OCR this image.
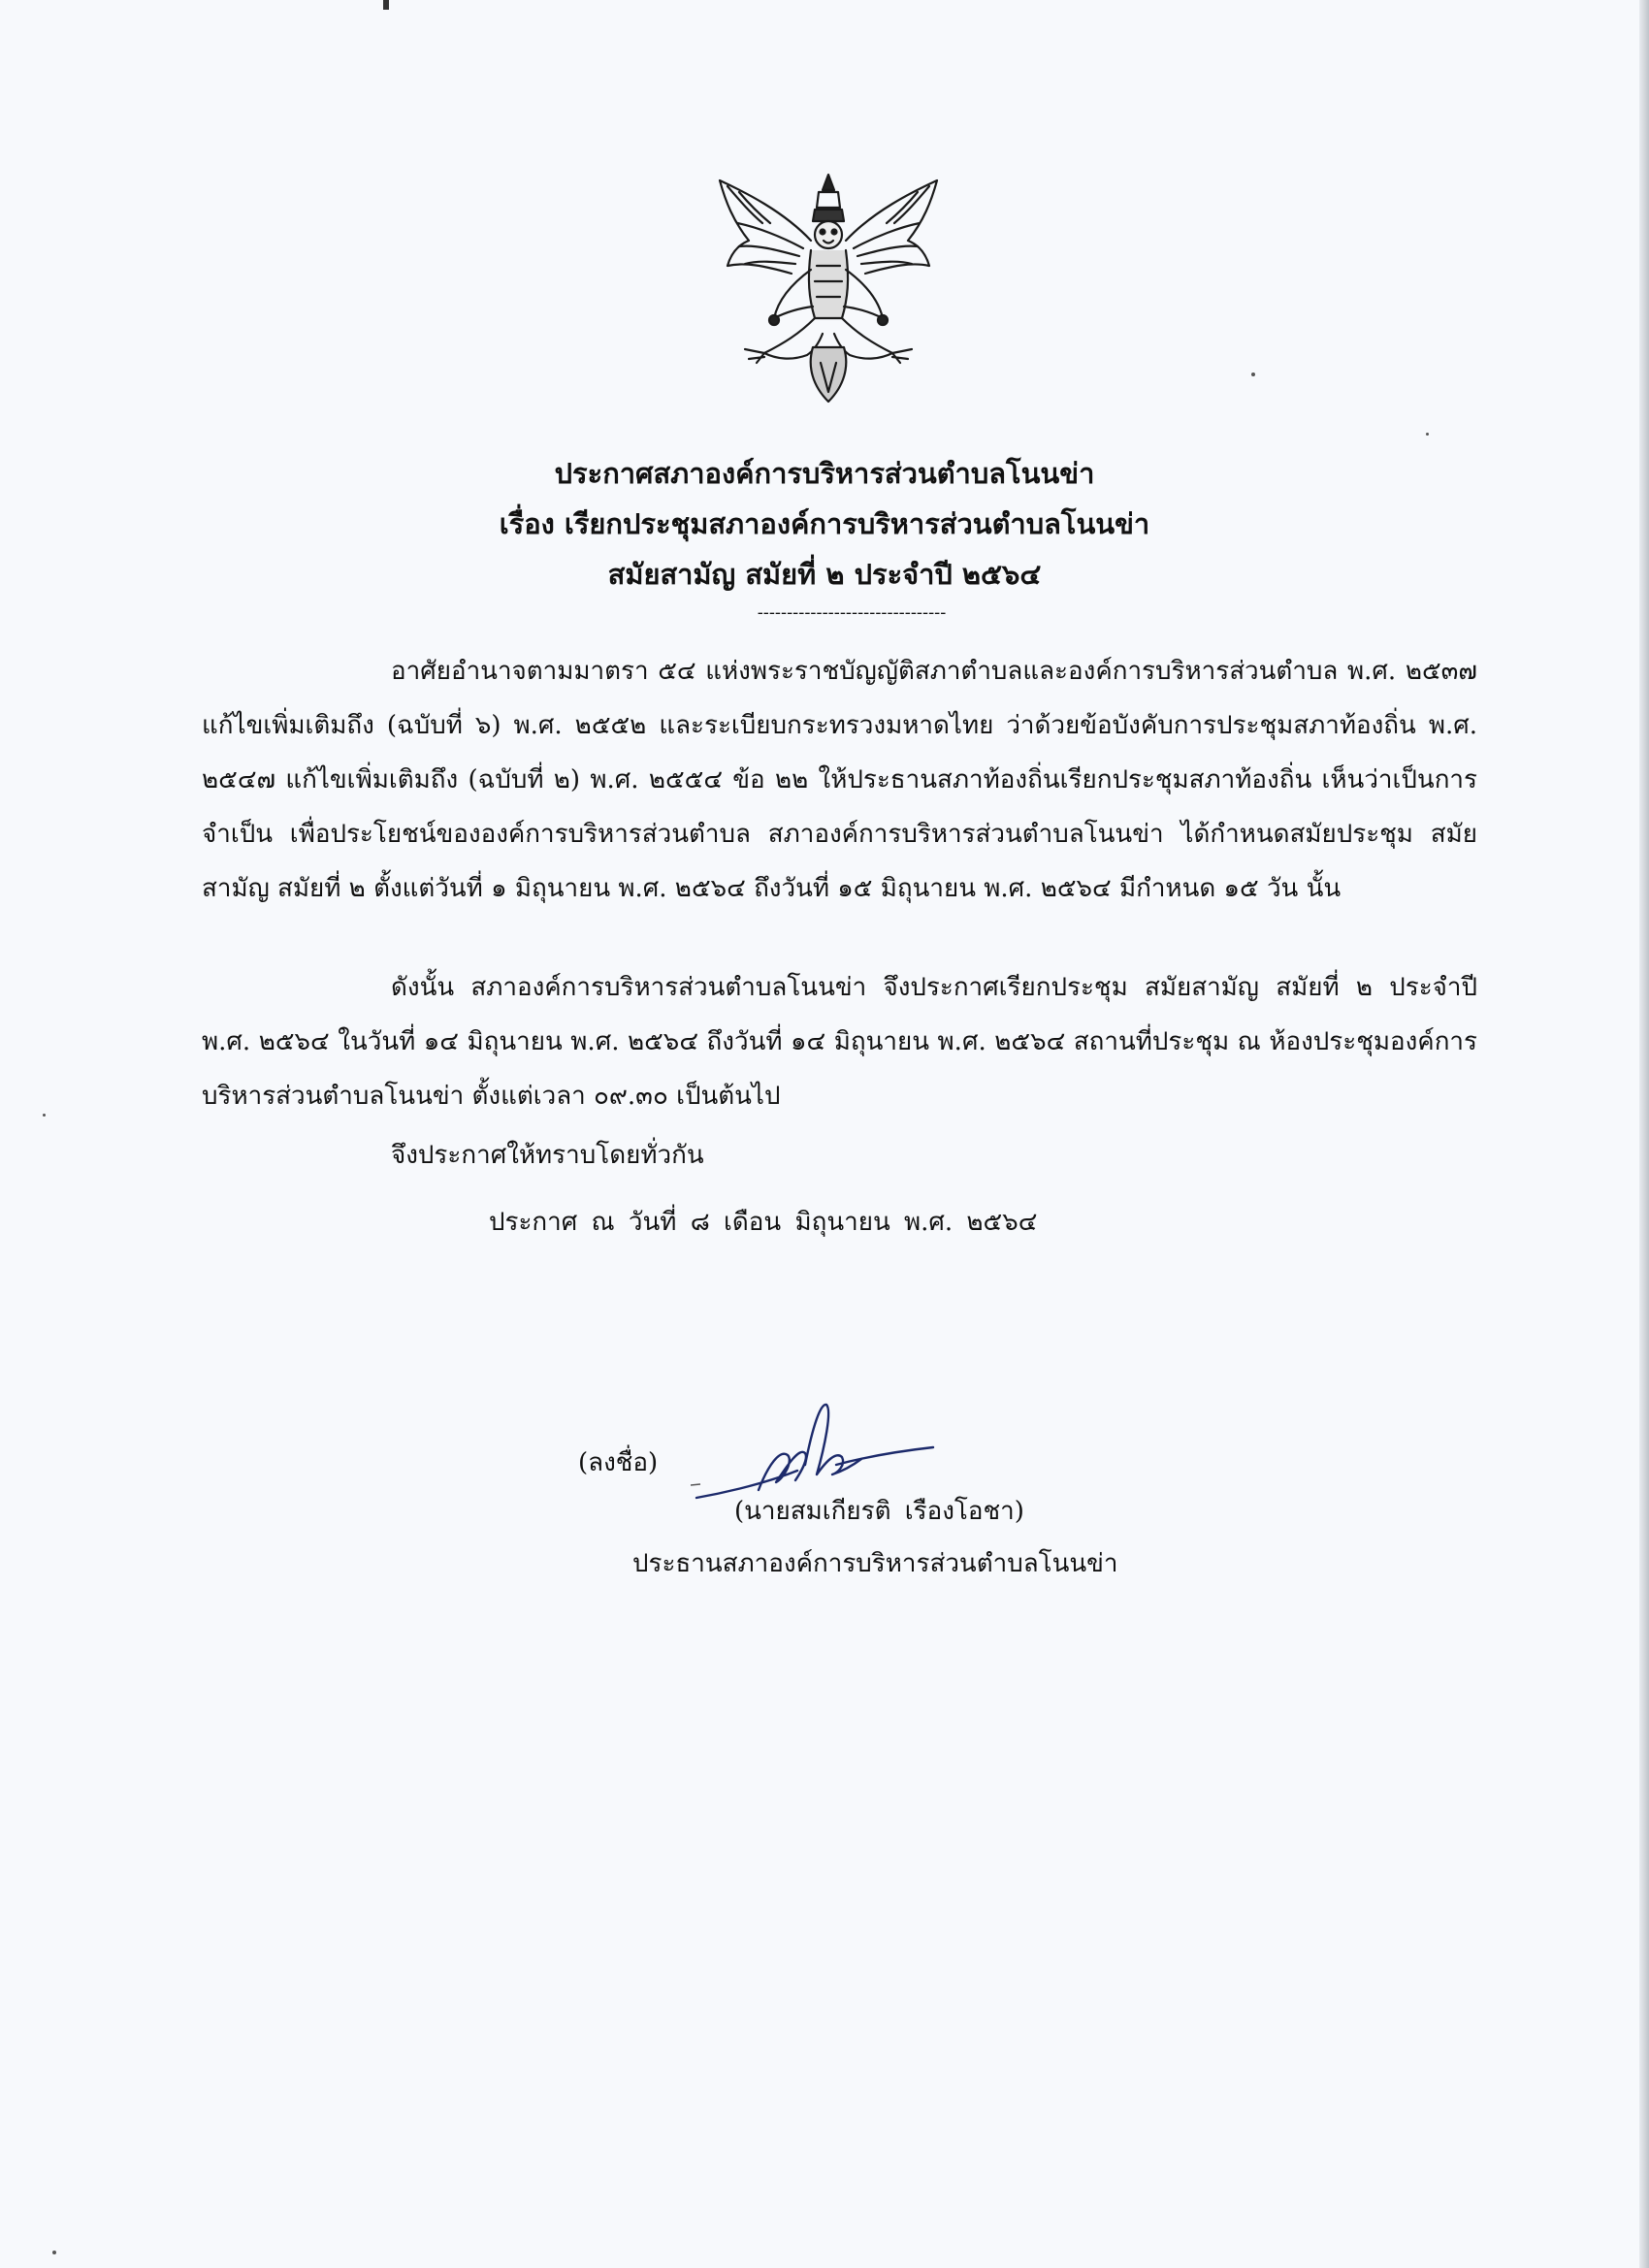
ประกาศสภาองค์การบริหารส่วนตำบลโนนข่า
เรื่อง เรียกประชุมสภาองค์การบริหารส่วนตำบลโนนข่า
สมัยสามัญ สมัยที่ ๒ ประจำปี ๒๕๖๔
--------------------------------
อาศัยอำนาจตามมาตรา ๕๔ แห่งพระราชบัญญัติสภาตำบลและองค์การบริหารส่วนตำบล พ.ศ. ๒๕๓๗ แก้ไขเพิ่มเติมถึง (ฉบับที่ ๖) พ.ศ. ๒๕๕๒ และระเบียบกระทรวงมหาดไทย ว่าด้วยข้อบังคับการประชุมสภาท้องถิ่น พ.ศ. ๒๕๔๗ แก้ไขเพิ่มเติมถึง (ฉบับที่ ๒) พ.ศ. ๒๕๕๔ ข้อ ๒๒ ให้ประธานสภาท้องถิ่นเรียกประชุมสภาท้องถิ่น เห็นว่าเป็นการจำเป็น เพื่อประโยชน์ขององค์การบริหารส่วนตำบล สภาองค์การบริหารส่วนตำบลโนนข่า ได้กำหนดสมัยประชุม สมัยสามัญ สมัยที่ ๒ ตั้งแต่วันที่ ๑ มิถุนายน พ.ศ. ๒๕๖๔ ถึงวันที่ ๑๕ มิถุนายน พ.ศ. ๒๕๖๔ มีกำหนด ๑๕ วัน นั้น
ดังนั้น สภาองค์การบริหารส่วนตำบลโนนข่า จึงประกาศเรียกประชุม สมัยสามัญ สมัยที่ ๒ ประจำปี พ.ศ. ๒๕๖๔ ในวันที่ ๑๔ มิถุนายน พ.ศ. ๒๕๖๔ ถึงวันที่ ๑๔ มิถุนายน พ.ศ. ๒๕๖๔ สถานที่ประชุม ณ ห้องประชุมองค์การบริหารส่วนตำบลโนนข่า ตั้งแต่เวลา ๐๙.๓๐ เป็นต้นไป
จึงประกาศให้ทราบโดยทั่วกัน
ประกาศ ณ วันที่ ๘ เดือน มิถุนายน พ.ศ. ๒๕๖๔
(ลงชื่อ)
(นายสมเกียรติ เรืองโอชา)
ประธานสภาองค์การบริหารส่วนตำบลโนนข่า
